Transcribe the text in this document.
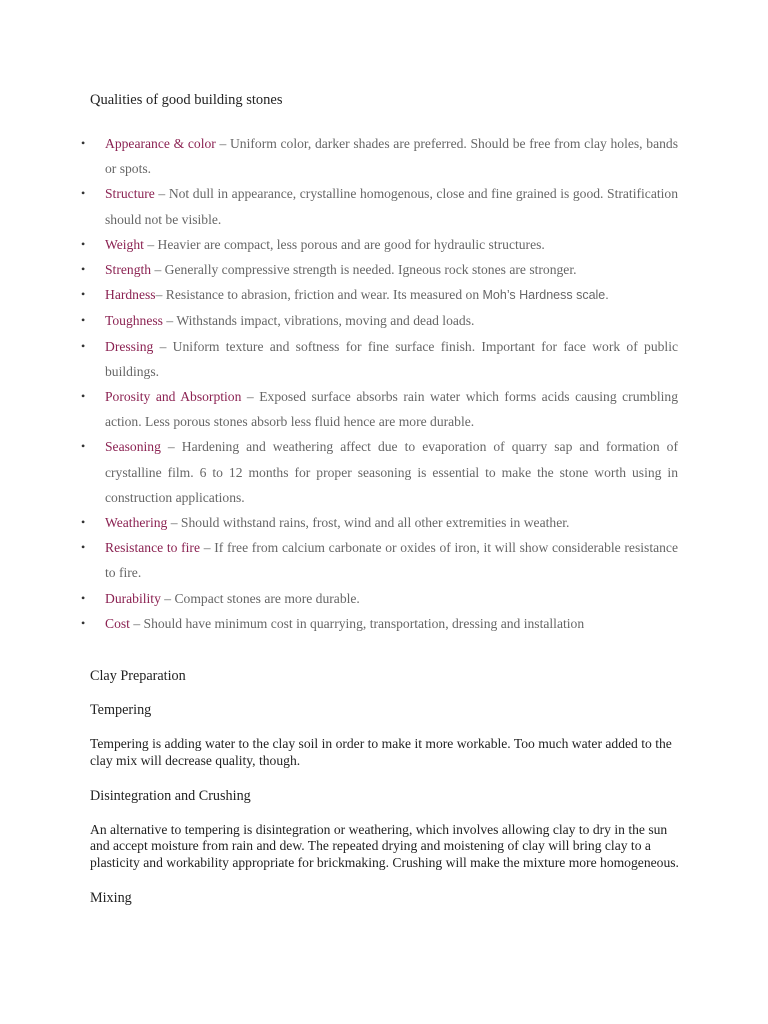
Qualities of good building stones
• Appearance & color – Uniform color, darker shades are preferred. Should be free from clay holes, bands or spots.
• Structure – Not dull in appearance, crystalline homogenous, close and fine grained is good. Stratification should not be visible.
• Weight – Heavier are compact, less porous and are good for hydraulic structures.
• Strength – Generally compressive strength is needed. Igneous rock stones are stronger.
• Hardness– Resistance to abrasion, friction and wear. Its measured on Moh’s Hardness scale.
• Toughness – Withstands impact, vibrations, moving and dead loads.
• Dressing – Uniform texture and softness for fine surface finish. Important for face work of public buildings.
• Porosity and Absorption – Exposed surface absorbs rain water which forms acids causing crumbling action. Less porous stones absorb less fluid hence are more durable.
• Seasoning – Hardening and weathering affect due to evaporation of quarry sap and formation of crystalline film. 6 to 12 months for proper seasoning is essential to make the stone worth using in construction applications.
• Weathering – Should withstand rains, frost, wind and all other extremities in weather.
• Resistance to fire – If free from calcium carbonate or oxides of iron, it will show considerable resistance to fire.
• Durability – Compact stones are more durable.
• Cost – Should have minimum cost in quarrying, transportation, dressing and installation
Clay Preparation
Tempering

Tempering is adding water to the clay soil in order to make it more workable. Too much water added to the clay mix will decrease quality, though.

Disintegration and Crushing

An alternative to tempering is disintegration or weathering, which involves allowing clay to dry in the sun and accept moisture from rain and dew. The repeated drying and moistening of clay will bring clay to a plasticity and workability appropriate for brickmaking. Crushing will make the mixture more homogeneous.

Mixing
